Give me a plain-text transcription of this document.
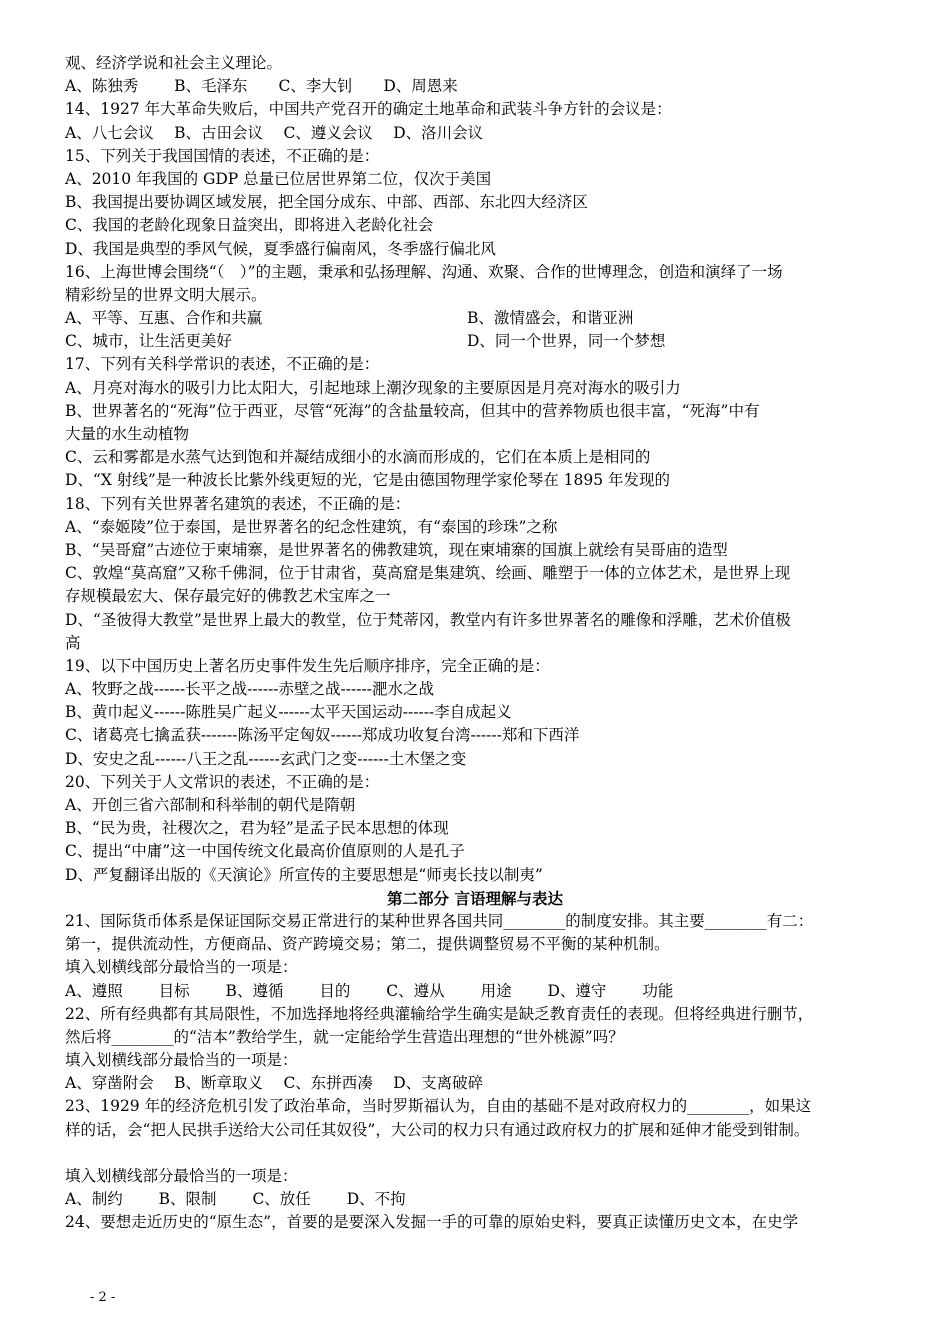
观、经济学说和社会主义理论。
A、陈独秀　　 B、毛泽东　　C、李大钊　　D、周恩来
14、1927 年大革命失败后，中国共产党召开的确定土地革命和武装斗争方针的会议是：
A、八七会议　 B、古田会议　 C、遵义会议　 D、洛川会议
15、下列关于我国国情的表述，不正确的是：
A、2010 年我国的 GDP 总量已位居世界第二位，仅次于美国
B、我国提出要协调区域发展，把全国分成东、中部、西部、东北四大经济区
C、我国的老龄化现象日益突出，即将进入老龄化社会
D、我国是典型的季风气候，夏季盛行偏南风，冬季盛行偏北风
16、上海世博会围绕“（　）”的主题，秉承和弘扬理解、沟通、欢聚、合作的世博理念，创造和演绎了一场
精彩纷呈的世界文明大展示。
A、平等、互惠、合作和共赢	B、激情盛会，和谐亚洲
C、城市，让生活更美好	D、同一个世界，同一个梦想
17、下列有关科学常识的表述，不正确的是：
A、月亮对海水的吸引力比太阳大，引起地球上潮汐现象的主要原因是月亮对海水的吸引力
B、世界著名的“死海”位于西亚，尽管“死海”的含盐量较高，但其中的营养物质也很丰富，“死海”中有
大量的水生动植物
C、云和雾都是水蒸气达到饱和并凝结成细小的水滴而形成的，它们在本质上是相同的
D、“X 射线”是一种波长比紫外线更短的光，它是由德国物理学家伦琴在 1895 年发现的
18、下列有关世界著名建筑的表述，不正确的是：
A、“泰姬陵”位于泰国，是世界著名的纪念性建筑，有“泰国的珍珠”之称
B、“吴哥窟”古迹位于柬埔寨，是世界著名的佛教建筑，现在柬埔寨的国旗上就绘有吴哥庙的造型
C、敦煌“莫高窟”又称千佛洞，位于甘肃省，莫高窟是集建筑、绘画、雕塑于一体的立体艺术，是世界上现
存规模最宏大、保存最完好的佛教艺术宝库之一
D、“圣彼得大教堂”是世界上最大的教堂，位于梵蒂冈，教堂内有许多世界著名的雕像和浮雕，艺术价值极
高
19、以下中国历史上著名历史事件发生先后顺序排序，完全正确的是：
A、牧野之战------长平之战------赤壁之战------淝水之战
B、黄巾起义------陈胜吴广起义------太平天国运动------李自成起义
C、诸葛亮七擒孟获-------陈汤平定匈奴------郑成功收复台湾------郑和下西洋
D、安史之乱------八王之乱------玄武门之变------土木堡之变
20、下列关于人文常识的表述，不正确的是：
A、开创三省六部制和科举制的朝代是隋朝
B、“民为贵，社稷次之，君为轻”是孟子民本思想的体现
C、提出“中庸”这一中国传统文化最高价值原则的人是孔子
D、严复翻译出版的《天演论》所宣传的主要思想是“师夷长技以制夷”
第二部分 言语理解与表达
21、国际货币体系是保证国际交易正常进行的某种世界各国共同________的制度安排。其主要________有二：
第一，提供流动性，方便商品、资产跨境交易；第二，提供调整贸易不平衡的某种机制。
填入划横线部分最恰当的一项是：
A、遵照　　 目标　　 B、遵循　　 目的　　 C、遵从　　 用途　　 D、遵守　　 功能
22、所有经典都有其局限性，不加选择地将经典灌输给学生确实是缺乏教育责任的表现。但将经典进行删节，
然后将________的“洁本”教给学生，就一定能给学生营造出理想的“世外桃源”吗？
填入划横线部分最恰当的一项是：
A、穿凿附会　 B、断章取义　 C、东拼西凑　 D、支离破碎
23、1929 年的经济危机引发了政治革命，当时罗斯福认为，自由的基础不是对政府权力的________，如果这
样的话，会“把人民拱手送给大公司任其奴役”，大公司的权力只有通过政府权力的扩展和延伸才能受到钳制。
填入划横线部分最恰当的一项是：
A、制约　　 B、限制　　 C、放任　　 D、不拘
24、要想走近历史的“原生态”，首要的是要深入发掘一手的可靠的原始史料，要真正读懂历史文本，在史学
- 2 -
